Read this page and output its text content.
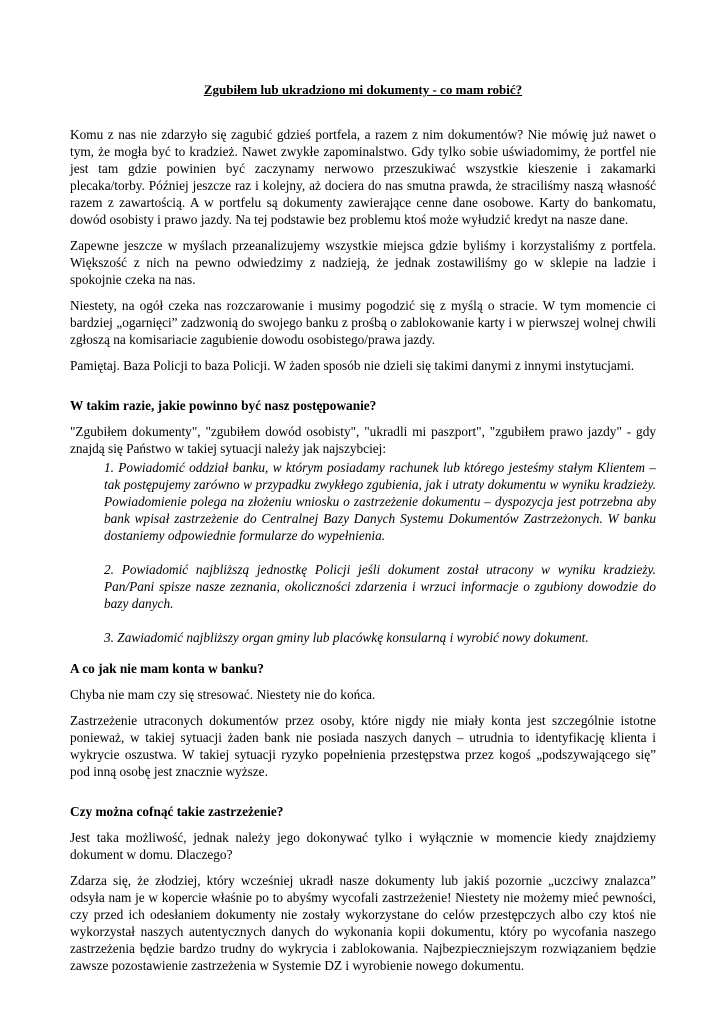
Zgubiłem lub ukradziono mi dokumenty - co mam robić?

Komu z nas nie zdarzyło się zagubić gdzieś portfela, a razem z nim dokumentów? Nie mówię już nawet o tym, że mogła być to kradzież. Nawet zwykłe zapominalstwo. Gdy tylko sobie uświadomimy, że portfel nie jest tam gdzie powinien być zaczynamy nerwowo przeszukiwać wszystkie kieszenie i zakamarki plecaka/torby. Później jeszcze raz i kolejny, aż dociera do nas smutna prawda, że straciliśmy naszą własność razem z zawartością. A w portfelu są dokumenty zawierające cenne dane osobowe. Karty do bankomatu, dowód osobisty i prawo jazdy. Na tej podstawie bez problemu ktoś może wyłudzić kredyt na nasze dane.

Zapewne jeszcze w myślach przeanalizujemy wszystkie miejsca gdzie byliśmy i korzystaliśmy z portfela. Większość z nich na pewno odwiedzimy z nadzieją, że jednak zostawiliśmy go w sklepie na ladzie i spokojnie czeka na nas.

Niestety, na ogół czeka nas rozczarowanie i musimy pogodzić się z myślą o stracie. W tym momencie ci bardziej „ogarnięci” zadzwonią do swojego banku z prośbą o zablokowanie karty i w pierwszej wolnej chwili zgłoszą na komisariacie zagubienie dowodu osobistego/prawa jazdy.

Pamiętaj. Baza Policji to baza Policji. W żaden sposób nie dzieli się takimi danymi z innymi instytucjami.

W takim razie, jakie powinno być nasz postępowanie?

"Zgubiłem dokumenty", "zgubiłem dowód osobisty", "ukradli mi paszport", "zgubiłem prawo jazdy" - gdy znajdą się Państwo w takiej sytuacji należy jak najszybciej:

1. Powiadomić oddział banku, w którym posiadamy rachunek lub którego jesteśmy stałym Klientem – tak postępujemy zarówno w przypadku zwykłego zgubienia, jak i utraty dokumentu w wyniku kradzieży. Powiadomienie polega na złożeniu wniosku o zastrzeżenie dokumentu – dyspozycja jest potrzebna aby bank wpisał zastrzeżenie do Centralnej Bazy Danych Systemu Dokumentów Zastrzeżonych. W banku dostaniemy odpowiednie formularze do wypełnienia.
2. Powiadomić najbliższą jednostkę Policji jeśli dokument został utracony w wyniku kradzieży. Pan/Pani spisze nasze zeznania, okoliczności zdarzenia i wrzuci informacje o zgubiony dowodzie do bazy danych.
3. Zawiadomić najbliższy organ gminy lub placówkę konsularną i wyrobić nowy dokument.
A co jak nie mam konta w banku?

Chyba nie mam czy się stresować. Niestety nie do końca.

Zastrzeżenie utraconych dokumentów przez osoby, które nigdy nie miały konta jest szczególnie istotne ponieważ, w takiej sytuacji żaden bank nie posiada naszych danych – utrudnia to identyfikację klienta i wykrycie oszustwa. W takiej sytuacji ryzyko popełnienia przestępstwa przez kogoś „podszywającego się” pod inną osobę jest znacznie wyższe.

Czy można cofnąć takie zastrzeżenie?

Jest taka możliwość, jednak należy jego dokonywać tylko i wyłącznie w momencie kiedy znajdziemy dokument w domu. Dlaczego?

Zdarza się, że złodziej, który wcześniej ukradł nasze dokumenty lub jakiś pozornie „uczciwy znalazca” odsyła nam je w kopercie właśnie po to abyśmy wycofali zastrzeżenie! Niestety nie możemy mieć pewności, czy przed ich odesłaniem dokumenty nie zostały wykorzystane do celów przestępczych albo czy ktoś nie wykorzystał naszych autentycznych danych do wykonania kopii dokumentu, który po wycofania naszego zastrzeżenia będzie bardzo trudny do wykrycia i zablokowania. Najbezpieczniejszym rozwiązaniem będzie zawsze pozostawienie zastrzeżenia w Systemie DZ i wyrobienie nowego dokumentu.
